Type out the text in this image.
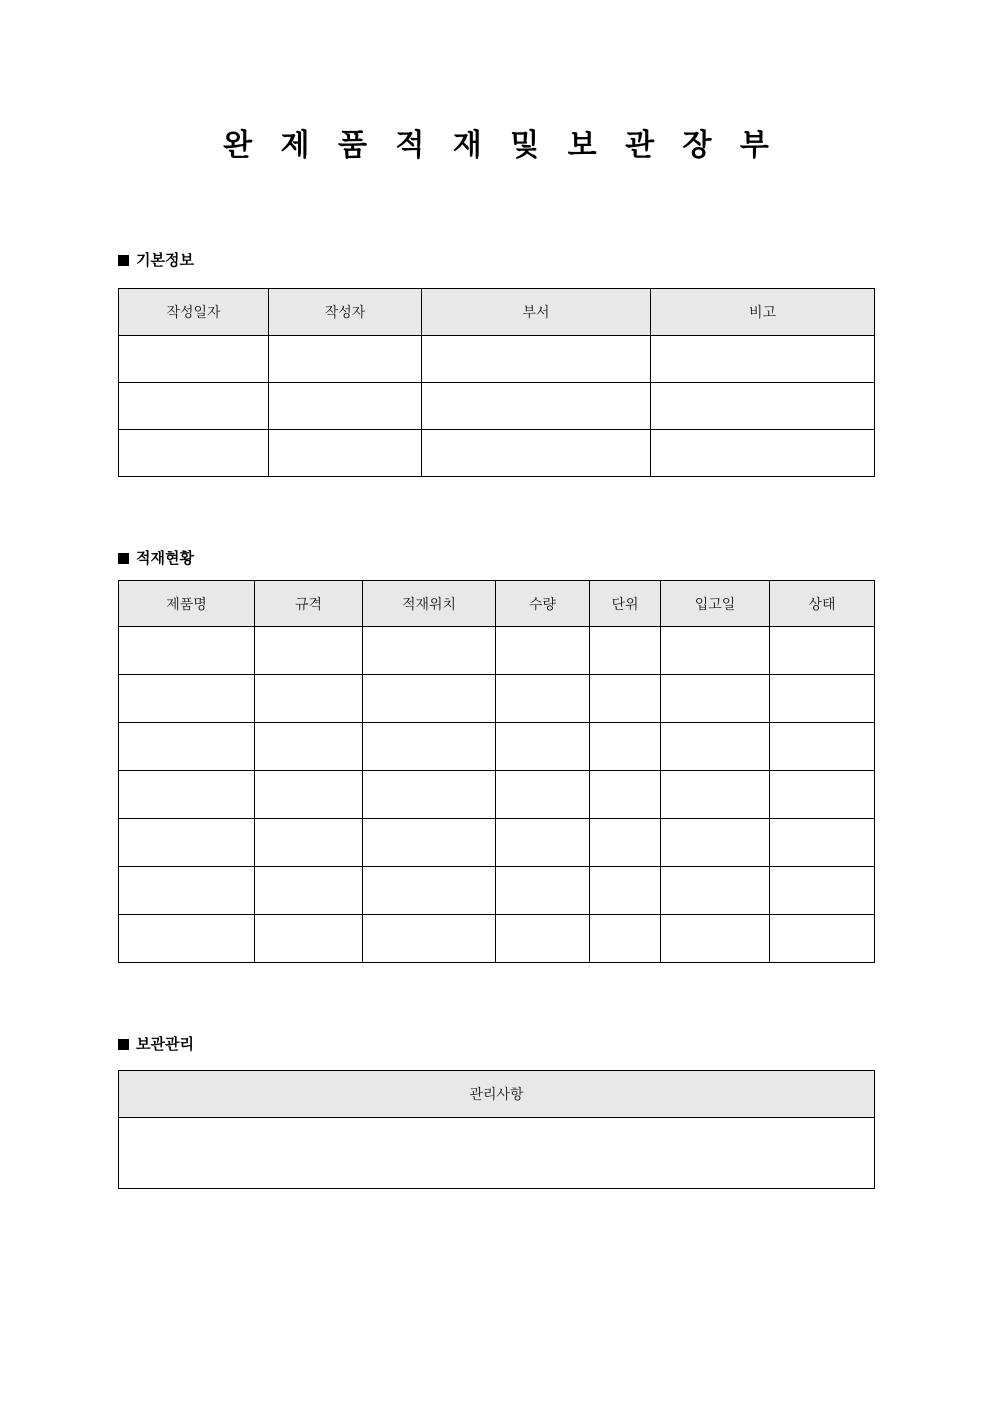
완 제 품 적 재 및 보 관 장 부
기본정보
작성일자	작성자	부서	비고

적재현황
제품명	규격	적재위치	수량	단위	입고일	상태

보관관리
관리사항
